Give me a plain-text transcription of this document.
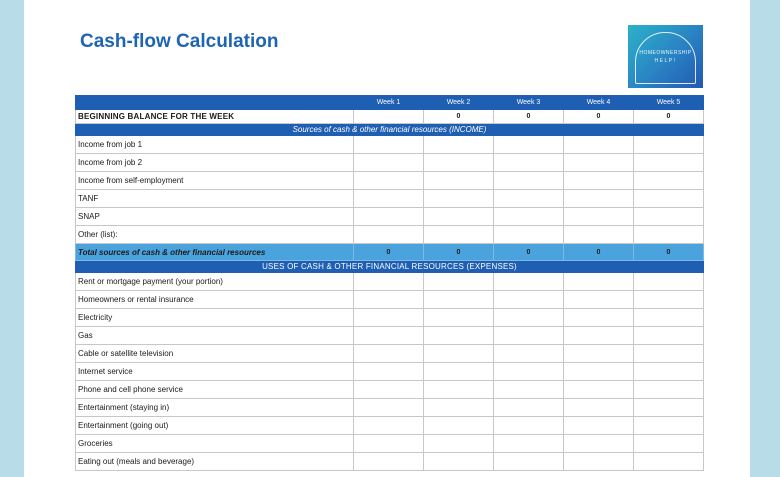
Cash-flow Calculation
HOMEOWNERSHIP
HELP!
	Week 1	Week 2	Week 3	Week 4	Week 5
BEGINNING BALANCE FOR THE WEEK		0	0	0	0
Sources of cash & other financial resources (INCOME)					
Income from job 1					
Income from job 2					
Income from self-employment					
TANF					
SNAP					
Other (list):					
Total sources of cash & other financial resources	0	0	0	0	0
USES OF CASH & OTHER FINANCIAL RESOURCES (EXPENSES)					
Rent or mortgage payment (your portion)					
Homeowners or rental insurance					
Electricity					
Gas					
Cable or satellite television					
Internet service					
Phone and cell phone service					
Entertainment (staying in)					
Entertainment (going out)					
Groceries					
Eating out (meals and beverage)					
